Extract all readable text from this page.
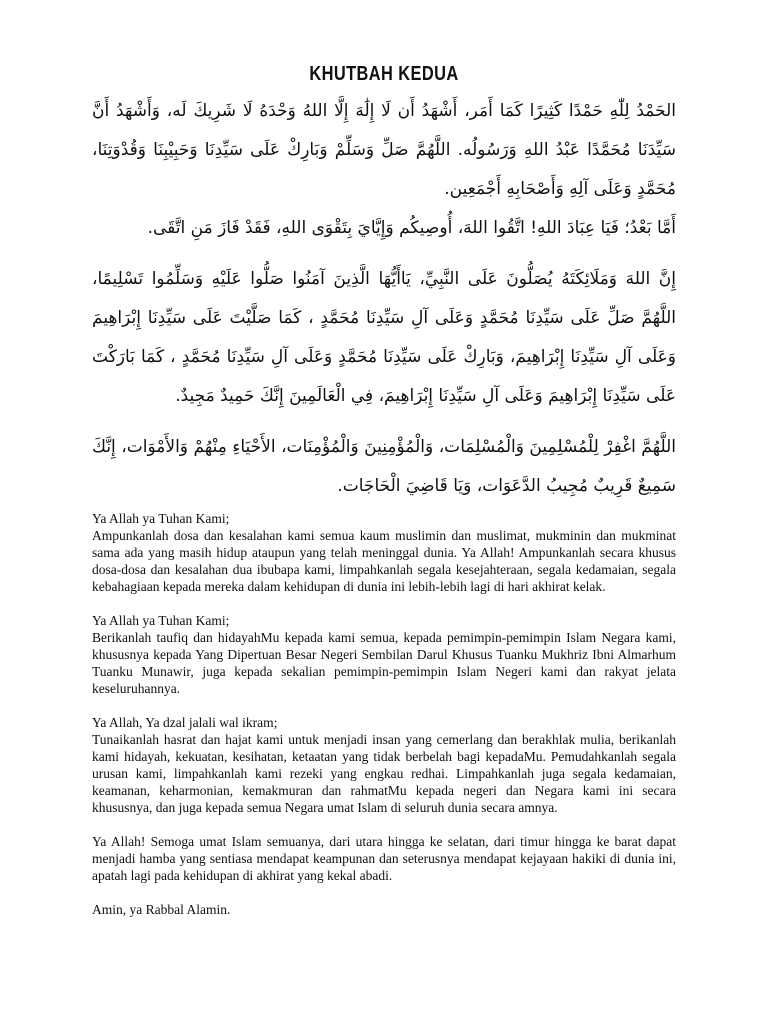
KHUTBAH KEDUA

الحَمْدُ لِلّٰهِ حَمْدًا كَثِيرًا كَمَا أَمَر، أَشْهَدُ أَن لَا إِلَٰهَ إِلَّا اللهُ وَحْدَهُ لَا شَرِيكَ لَه، وَأَشْهَدُ أَنَّ سَيِّدَنَا مُحَمَّدًا عَبْدُ اللهِ وَرَسُولُه. اللَّهُمَّ صَلِّ وَسَلِّمْ وَبَارِكْ عَلَى سَيِّدِنَا وَحَبِيْبِنَا وَقُدْوَتِنَا، مُحَمَّدٍ وَعَلَى آلِهِ وَأَصْحَابِهِ أَجْمَعِين.

أَمَّا بَعْدُ؛ فَيَا عِبَادَ اللهِ! اتَّقُوا اللهَ، أُوصِيكُم وَإِيَّايَ بِتَقْوَى اللهِ، فَقَدْ فَازَ مَنِ اتَّقَى.

إِنَّ اللهَ وَمَلَائِكَتَهُ يُصَلُّونَ عَلَى النَّبِيِّ، يَاأَيُّهَا الَّذِينَ آمَنُوا صَلُّوا عَلَيْهِ وَسَلِّمُوا تَسْلِيمًا، اللَّهُمَّ صَلِّ عَلَى سَيِّدِنَا مُحَمَّدٍ وَعَلَى آلِ سَيِّدِنَا مُحَمَّدٍ ، كَمَا صَلَّيْتَ عَلَى سَيِّدِنَا إِبْرَاهِيمَ وَعَلَى آلِ سَيِّدِنَا إِبْرَاهِيمَ، وَبَارِكْ عَلَى سَيِّدِنَا مُحَمَّدٍ وَعَلَى آلِ سَيِّدِنَا مُحَمَّدٍ ، كَمَا بَارَكْتَ عَلَى سَيِّدِنَا إِبْرَاهِيمَ وَعَلَى آلِ سَيِّدِنَا إِبْرَاهِيمَ، فِي الْعَالَمِينَ إِنَّكَ حَمِيدٌ مَجِيدٌ.

اللَّهُمَّ اغْفِرْ لِلْمُسْلِمِينَ وَالْمُسْلِمَات، وَالْمُؤْمِنِينَ وَالْمُؤْمِنَات، الأَحْيَاءِ مِنْهُمْ وَالأَمْوَات، إِنَّكَ سَمِيعٌ قَرِيبٌ مُجِيبُ الدَّعَوَات، وَيَا قَاضِيَ الْحَاجَات.

Ya Allah ya Tuhan Kami;

Ampunkanlah dosa dan kesalahan kami semua kaum muslimin dan muslimat, mukminin dan mukminat sama ada yang masih hidup ataupun yang telah meninggal dunia. Ya Allah! Ampunkanlah secara khusus dosa-dosa dan kesalahan dua ibubapa kami, limpahkanlah segala kesejahteraan, segala kedamaian, segala kebahagiaan kepada mereka dalam kehidupan di dunia ini lebih-lebih lagi di hari akhirat kelak.

Ya Allah ya Tuhan Kami;

Berikanlah taufiq dan hidayahMu kepada kami semua, kepada pemimpin-pemimpin Islam Negara kami, khususnya kepada Yang Dipertuan Besar Negeri Sembilan Darul Khusus Tuanku Mukhriz Ibni Almarhum Tuanku Munawir, juga kepada sekalian pemimpin-pemimpin Islam Negeri kami dan rakyat jelata keseluruhannya.

Ya Allah, Ya dzal jalali wal ikram;

Tunaikanlah hasrat dan hajat kami untuk menjadi insan yang cemerlang dan berakhlak mulia, berikanlah kami hidayah, kekuatan, kesihatan, ketaatan yang tidak berbelah bagi kepadaMu. Pemudahkanlah segala urusan kami, limpahkanlah kami rezeki yang engkau redhai. Limpahkanlah juga segala kedamaian, keamanan, keharmonian, kemakmuran dan rahmatMu kepada negeri dan Negara kami ini secara khususnya, dan juga kepada semua Negara umat Islam di seluruh dunia secara amnya.

Ya Allah! Semoga umat Islam semuanya, dari utara hingga ke selatan, dari timur hingga ke barat dapat menjadi hamba yang sentiasa mendapat keampunan dan seterusnya mendapat kejayaan hakiki di dunia ini, apatah lagi pada kehidupan di akhirat yang kekal abadi.

Amin, ya Rabbal Alamin.
